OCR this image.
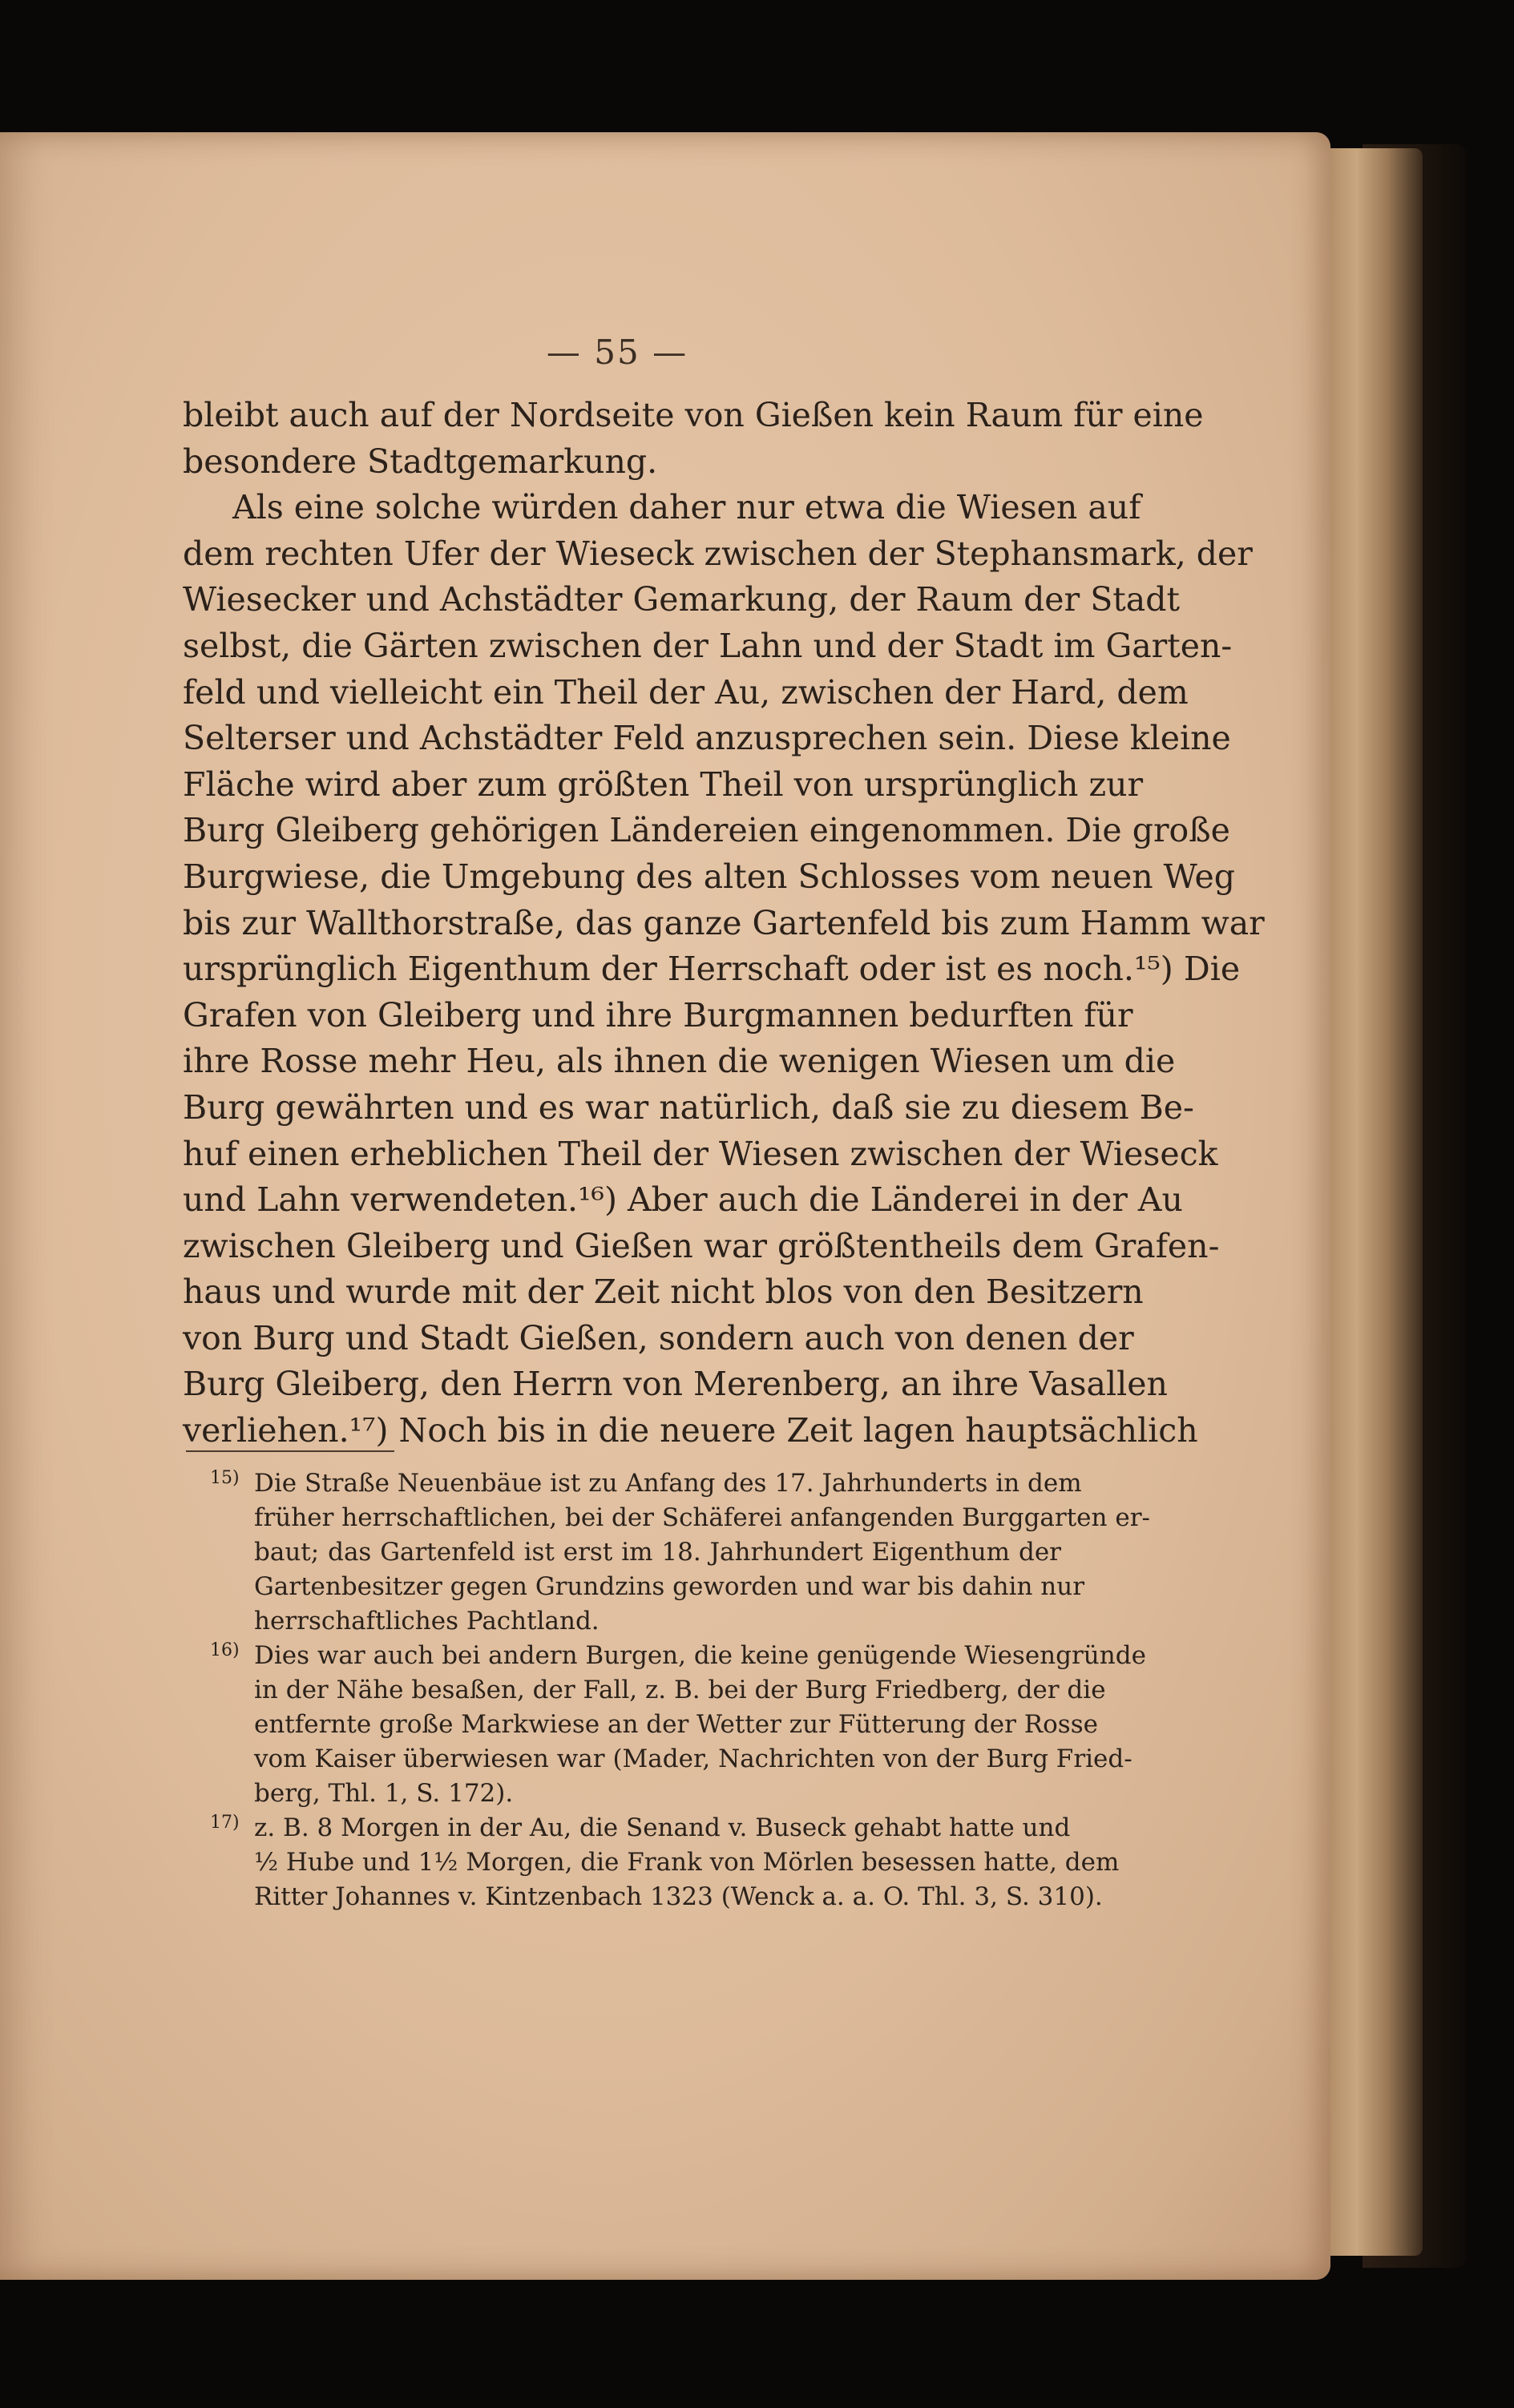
— 55 —
bleibt auch auf der Nordseite von Gießen kein Raum für eine
besondere Stadtgemarkung.
Als eine solche würden daher nur etwa die Wiesen auf
dem rechten Ufer der Wieseck zwischen der Stephansmark, der
Wiesecker und Achstädter Gemarkung, der Raum der Stadt
selbst, die Gärten zwischen der Lahn und der Stadt im Garten-
feld und vielleicht ein Theil der Au, zwischen der Hard, dem
Selterser und Achstädter Feld anzusprechen sein. Diese kleine
Fläche wird aber zum größten Theil von ursprünglich zur
Burg Gleiberg gehörigen Ländereien eingenommen. Die große
Burgwiese, die Umgebung des alten Schlosses vom neuen Weg
bis zur Wallthorstraße, das ganze Gartenfeld bis zum Hamm war
ursprünglich Eigenthum der Herrschaft oder ist es noch.¹⁵) Die
Grafen von Gleiberg und ihre Burgmannen bedurften für
ihre Rosse mehr Heu, als ihnen die wenigen Wiesen um die
Burg gewährten und es war natürlich, daß sie zu diesem Be-
huf einen erheblichen Theil der Wiesen zwischen der Wieseck
und Lahn verwendeten.¹⁶) Aber auch die Länderei in der Au
zwischen Gleiberg und Gießen war größtentheils dem Grafen-
haus und wurde mit der Zeit nicht blos von den Besitzern
von Burg und Stadt Gießen, sondern auch von denen der
Burg Gleiberg, den Herrn von Merenberg, an ihre Vasallen
verliehen.¹⁷) Noch bis in die neuere Zeit lagen hauptsächlich
15) Die Straße Neuenbäue ist zu Anfang des 17. Jahrhunderts in dem
früher herrschaftlichen, bei der Schäferei anfangenden Burggarten er-
baut; das Gartenfeld ist erst im 18. Jahrhundert Eigenthum der
Gartenbesitzer gegen Grundzins geworden und war bis dahin nur
herrschaftliches Pachtland.
16) Dies war auch bei andern Burgen, die keine genügende Wiesengründe
in der Nähe besaßen, der Fall, z. B. bei der Burg Friedberg, der die
entfernte große Markwiese an der Wetter zur Fütterung der Rosse
vom Kaiser überwiesen war (Mader, Nachrichten von der Burg Fried-
berg, Thl. 1, S. 172).
17) z. B. 8 Morgen in der Au, die Senand v. Buseck gehabt hatte und
½ Hube und 1½ Morgen, die Frank von Mörlen besessen hatte, dem
Ritter Johannes v. Kintzenbach 1323 (Wenck a. a. O. Thl. 3, S. 310).
